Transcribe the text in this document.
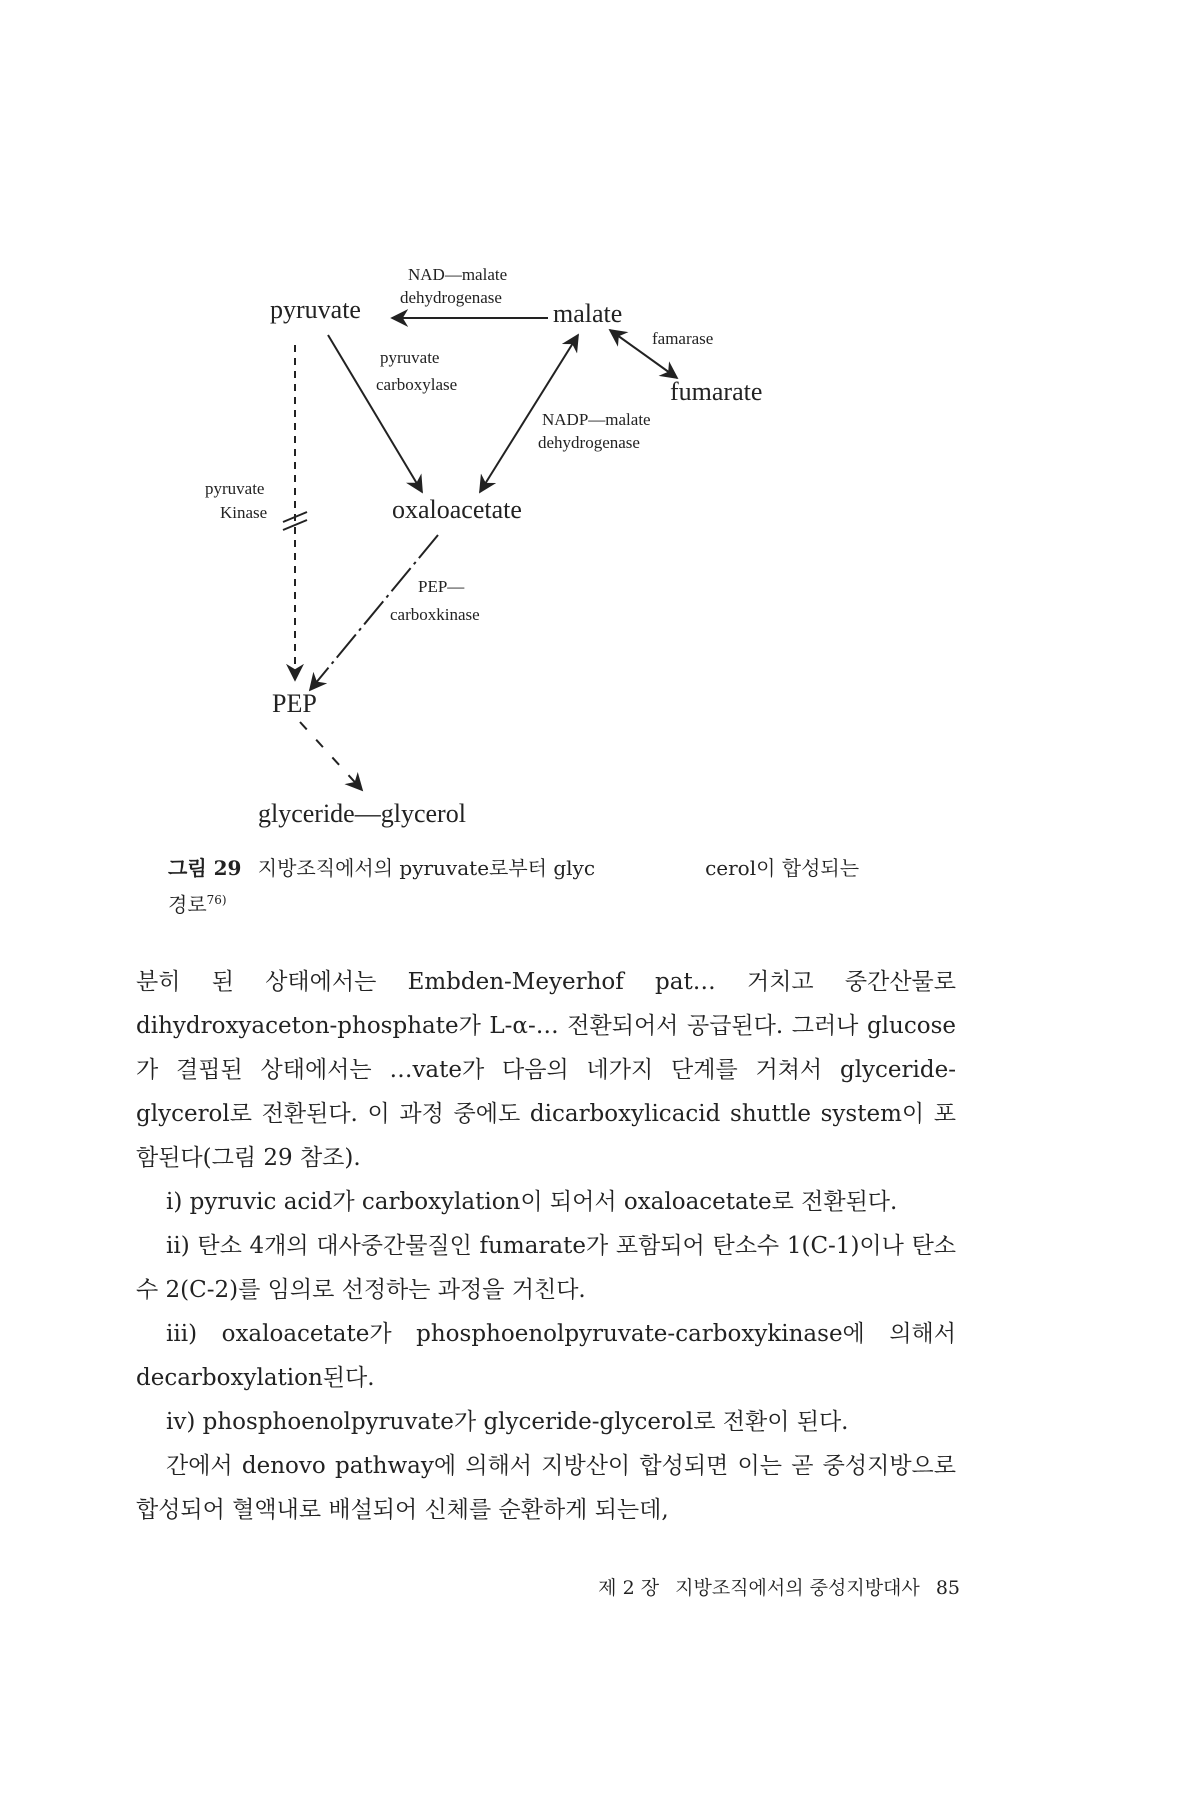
pyruvate	malate
fumarate
oxaloacetate
PEP
glyceride—glycerol
NAD—malate
dehydrogenase
pyruvate
carboxylase
famarase
NADP—malate
dehydrogenase
pyruvate
Kinase
PEP—
carboxkinase
그림 29 지방조직에서의 pyruvate로부터 glyc	cerol이 합성되는
경로$^{76)}$

분히 된 상태에서는 Embden-Meyerhof pat… 거치고 중간산물로 dihydroxyaceton-phosphate가 L-α-… 전환되어서 공급된다. 그러나 glucose가 결핍된 상태에서는 …vate가 다음의 네가지 단계를 거쳐서 glyceride-glycerol로 전환된다. 이 과정 중에도 dicarboxylicacid shuttle system이 포함된다(그림 29 참조).

i) pyruvic acid가 carboxylation이 되어서 oxaloacetate로 전환된다.

ii) 탄소 4개의 대사중간물질인 fumarate가 포함되어 탄소수 1(C-1)이나 탄소수 2(C-2)를 임의로 선정하는 과정을 거친다.

iii) oxaloacetate가 phosphoenolpyruvate-carboxykinase에 의해서 decarboxylation된다.

iv) phosphoenolpyruvate가 glyceride-glycerol로 전환이 된다.

간에서 denovo pathway에 의해서 지방산이 합성되면 이는 곧 중성지방으로 합성되어 혈액내로 배설되어 신체를 순환하게 되는데,

제 2 장 지방조직에서의 중성지방대사 85
